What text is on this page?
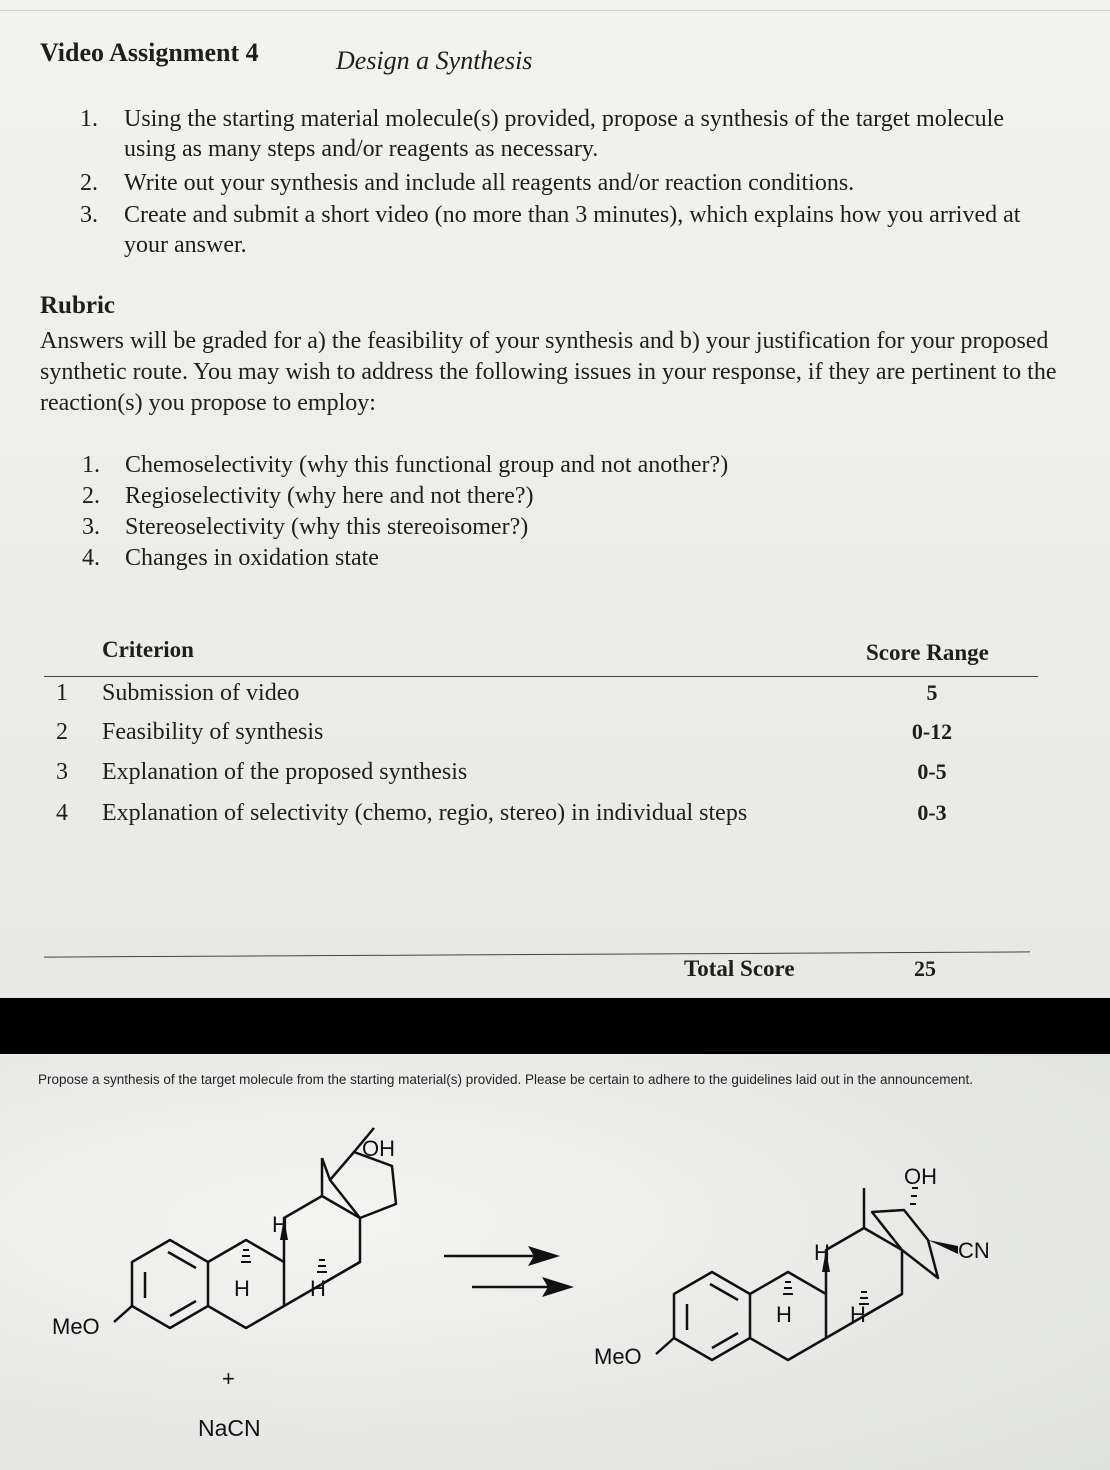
Video Assignment 4	Design a Synthesis
1. Using the starting material molecule(s) provided, propose a synthesis of the target molecule using as many steps and/or reagents as necessary.
2. Write out your synthesis and include all reagents and/or reaction conditions.
3. Create and submit a short video (no more than 3 minutes), which explains how you arrived at your answer.
Rubric
Answers will be graded for a) the feasibility of your synthesis and b) your justification for your proposed synthetic route. You may wish to address the following issues in your response, if they are pertinent to the reaction(s) you propose to employ:
1. Chemoselectivity (why this functional group and not another?)
2. Regioselectivity (why here and not there?)
3. Stereoselectivity (why this stereoisomer?)
4. Changes in oxidation state
Criterion	Score Range
1 Submission of video	5
2 Feasibility of synthesis	0-12
3 Explanation of the proposed synthesis	0-5
4 Explanation of selectivity (chemo, regio, stereo) in individual steps	0-3
Total Score	25
Propose a synthesis of the target molecule from the starting material(s) provided. Please be certain to adhere to the guidelines laid out in the announcement.
OH
H
H	H
MeO
+
NaCN
OH
CN
H
H	H
MeO
